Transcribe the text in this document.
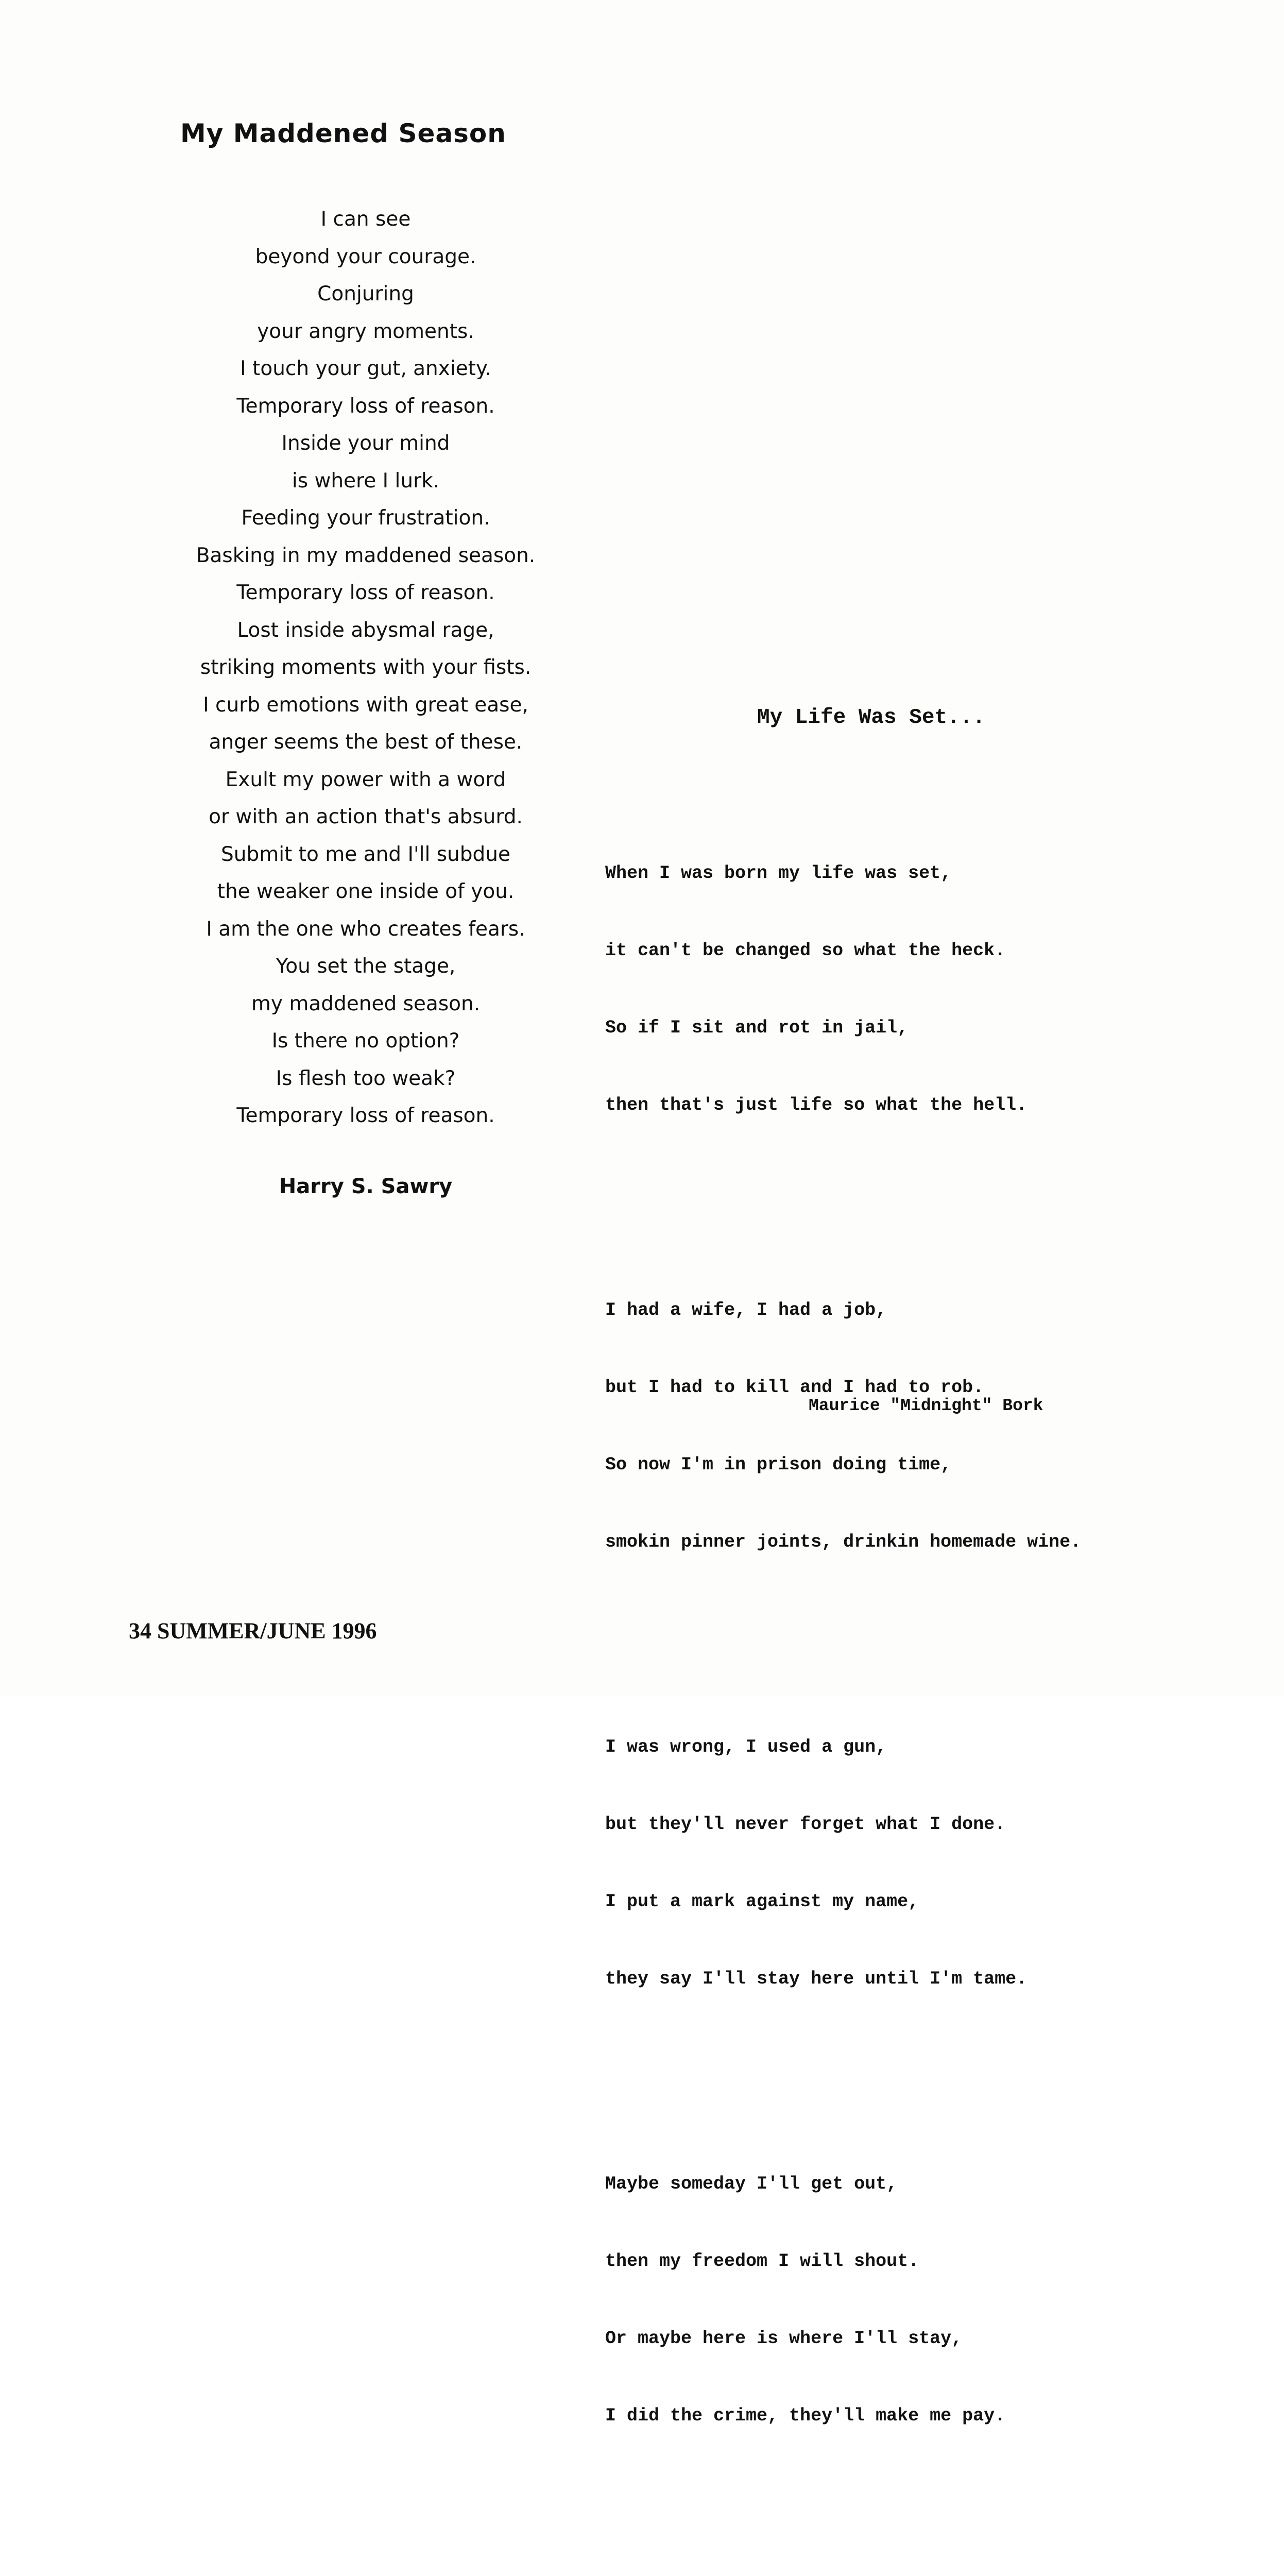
My Maddened Season
I can see
beyond your courage.
Conjuring
your angry moments.
I touch your gut, anxiety.
Temporary loss of reason.
Inside your mind
is where I lurk.
Feeding your frustration.
Basking in my maddened season.
Temporary loss of reason.
Lost inside abysmal rage,
striking moments with your fists.
I curb emotions with great ease,
anger seems the best of these.
Exult my power with a word
or with an action that's absurd.
Submit to me and I'll subdue
the weaker one inside of you.
I am the one who creates fears.
You set the stage,
my maddened season.
Is there no option?
Is flesh too weak?
Temporary loss of reason.
Harry S. Sawry
My Life Was Set...

When I was born my life was set,

it can't be changed so what the heck.

So if I sit and rot in jail,

then that's just life so what the hell.

I had a wife, I had a job,

but I had to kill and I had to rob.

So now I'm in prison doing time,

smokin pinner joints, drinkin homemade wine.

I was wrong, I used a gun,

but they'll never forget what I done.

I put a mark against my name,

they say I'll stay here until I'm tame.

Maybe someday I'll get out,

then my freedom I will shout.

Or maybe here is where I'll stay,

I did the crime, they'll make me pay.

Maurice "Midnight" Bork
34 SUMMER/JUNE 1996
